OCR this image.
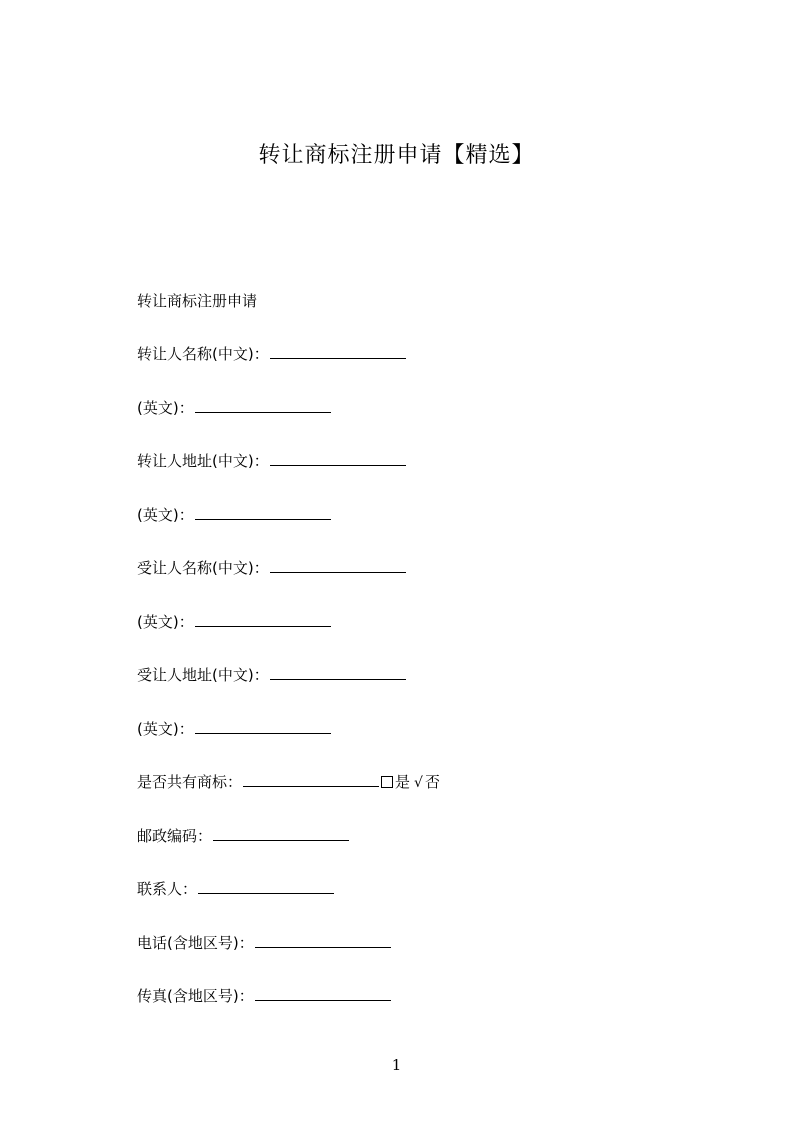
转让商标注册申请【精选】
转让商标注册申请
转让人名称(中文)：
(英文)：
转让人地址(中文)：
(英文)：
受让人名称(中文)：
(英文)：
受让人地址(中文)：
(英文)：
是否共有商标：	是 √ 否
邮政编码：
联系人：
电话(含地区号)：
传真(含地区号)：
1
